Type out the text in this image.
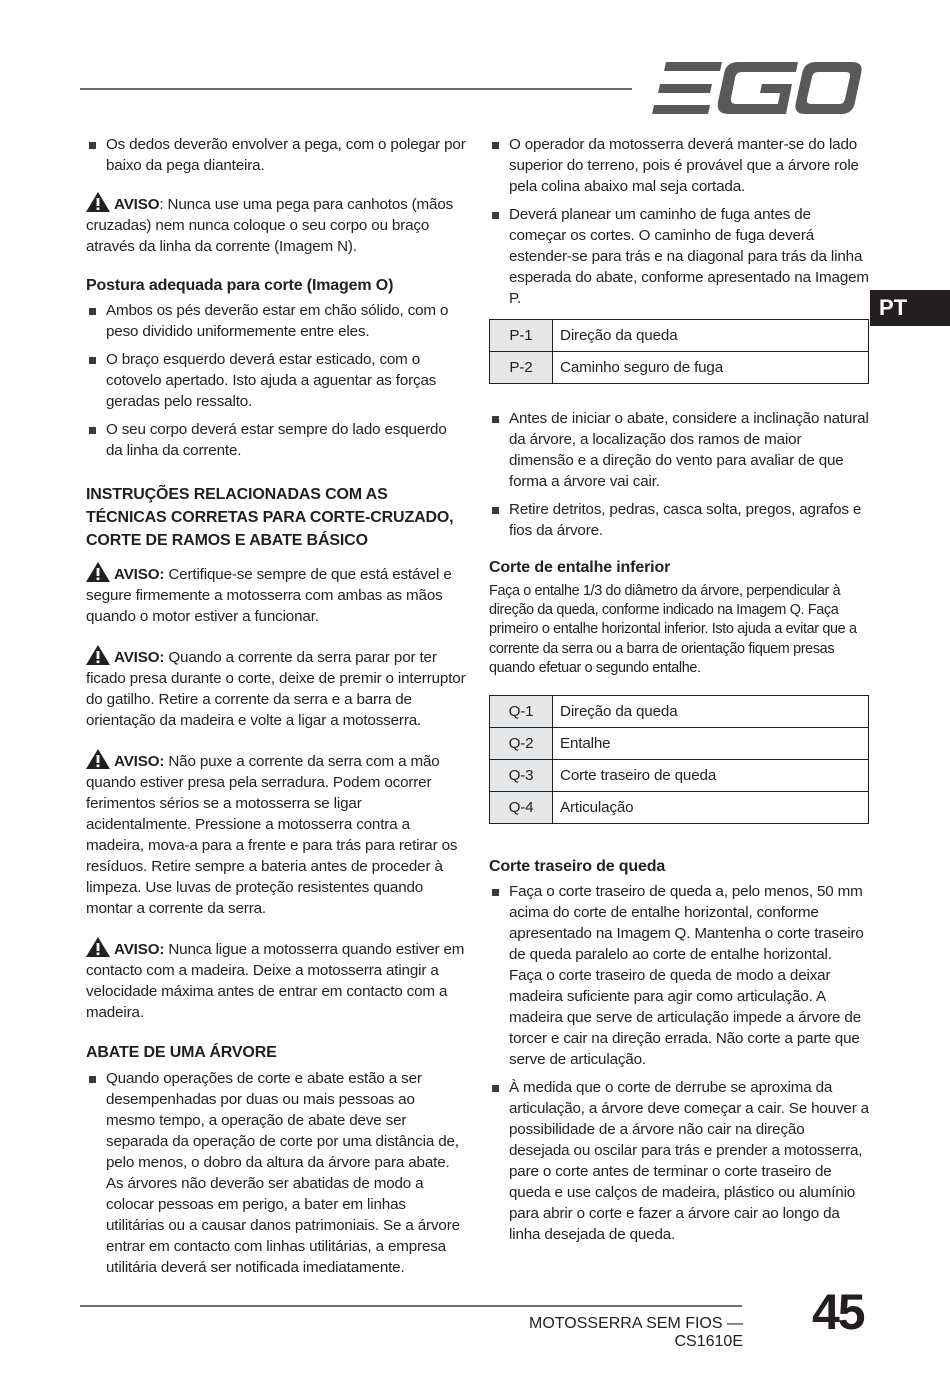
PT
Os dedos deverão envolver a pega, com o polegar por baixo da pega dianteira.

AVISO: Nunca use uma pega para canhotos (mãos cruzadas) nem nunca coloque o seu corpo ou braço através da linha da corrente (Imagem N).

Postura adequada para corte (Imagem O)
Ambos os pés deverão estar em chão sólido, com o peso dividido uniformemente entre eles.
O braço esquerdo deverá estar esticado, com o cotovelo apertado. Isto ajuda a aguentar as forças geradas pelo ressalto.
O seu corpo deverá estar sempre do lado esquerdo da linha da corrente.
INSTRUÇÕES RELACIONADAS COM AS TÉCNICAS CORRETAS PARA CORTE-CRUZADO, CORTE DE RAMOS E ABATE BÁSICO

AVISO: Certifique-se sempre de que está estável e segure firmemente a motosserra com ambas as mãos quando o motor estiver a funcionar.

AVISO: Quando a corrente da serra parar por ter ficado presa durante o corte, deixe de premir o interruptor do gatilho. Retire a corrente da serra e a barra de orientação da madeira e volte a ligar a motosserra.

AVISO: Não puxe a corrente da serra com a mão quando estiver presa pela serradura. Podem ocorrer ferimentos sérios se a motosserra se ligar acidentalmente. Pressione a motosserra contra a madeira, mova-a para a frente e para trás para retirar os resíduos. Retire sempre a bateria antes de proceder à limpeza. Use luvas de proteção resistentes quando montar a corrente da serra.

AVISO: Nunca ligue a motosserra quando estiver em contacto com a madeira. Deixe a motosserra atingir a velocidade máxima antes de entrar em contacto com a madeira.

ABATE DE UMA ÁRVORE
Quando operações de corte e abate estão a ser desempenhadas por duas ou mais pessoas ao mesmo tempo, a operação de abate deve ser separada da operação de corte por uma distância de, pelo menos, o dobro da altura da árvore para abate. As árvores não deverão ser abatidas de modo a colocar pessoas em perigo, a bater em linhas utilitárias ou a causar danos patrimoniais. Se a árvore entrar em contacto com linhas utilitárias, a empresa utilitária deverá ser notificada imediatamente.
O operador da motosserra deverá manter-se do lado superior do terreno, pois é provável que a árvore role pela colina abaixo mal seja cortada.
Deverá planear um caminho de fuga antes de começar os cortes. O caminho de fuga deverá estender-se para trás e na diagonal para trás da linha esperada do abate, conforme apresentado na Imagem P.
P-1	Direção da queda
P-2	Caminho seguro de fuga
Antes de iniciar o abate, considere a inclinação natural da árvore, a localização dos ramos de maior dimensão e a direção do vento para avaliar de que forma a árvore vai cair.
Retire detritos, pedras, casca solta, pregos, agrafos e fios da árvore.
Corte de entalhe inferior

Faça o entalhe 1/3 do diâmetro da árvore, perpendicular à direção da queda, conforme indicado na Imagem Q. Faça primeiro o entalhe horizontal inferior. Isto ajuda a evitar que a corrente da serra ou a barra de orientação fiquem presas quando efetuar o segundo entalhe.

Q-1	Direção da queda
Q-2	Entalhe
Q-3	Corte traseiro de queda
Q-4	Articulação
Corte traseiro de queda
Faça o corte traseiro de queda a, pelo menos, 50 mm acima do corte de entalhe horizontal, conforme apresentado na Imagem Q. Mantenha o corte traseiro de queda paralelo ao corte de entalhe horizontal. Faça o corte traseiro de queda de modo a deixar madeira suficiente para agir como articulação. A madeira que serve de articulação impede a árvore de torcer e cair na direção errada. Não corte a parte que serve de articulação.
À medida que o corte de derrube se aproxima da articulação, a árvore deve começar a cair. Se houver a possibilidade de a árvore não cair na direção desejada ou oscilar para trás e prender a motosserra, pare o corte antes de terminar o corte traseiro de queda e use calços de madeira, plástico ou alumínio para abrir o corte e fazer a árvore cair ao longo da linha desejada de queda.
MOTOSSERRA SEM FIOS — CS1610E
45
